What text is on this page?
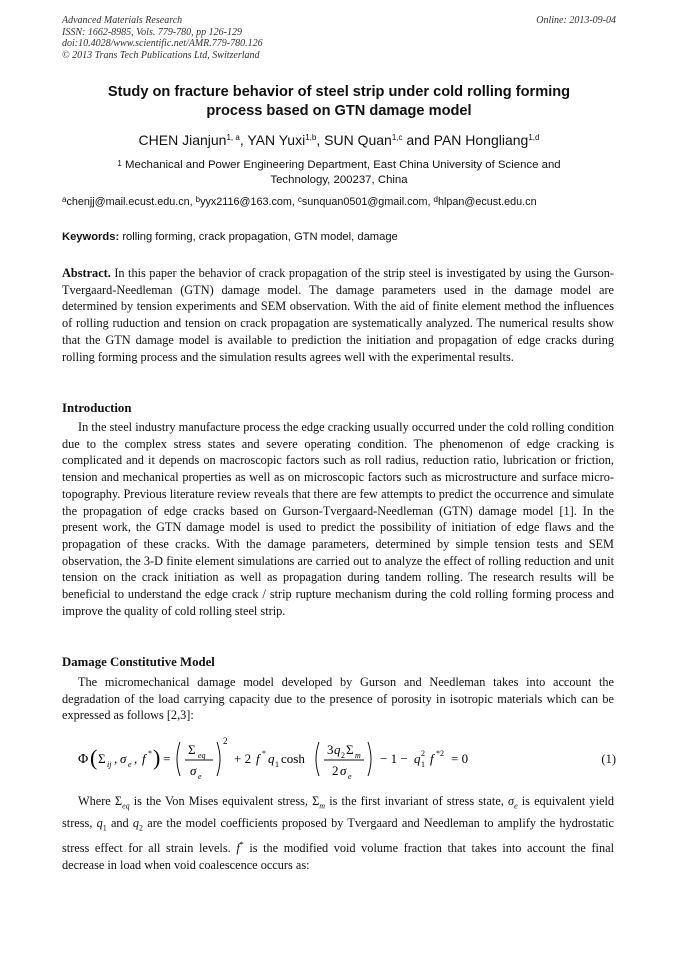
Advanced Materials Research
ISSN: 1662-8985, Vols. 779-780, pp 126-129
doi:10.4028/www.scientific.net/AMR.779-780.126
© 2013 Trans Tech Publications Ltd, Switzerland
Online: 2013-09-04
Study on fracture behavior of steel strip under cold rolling forming
process based on GTN damage model
CHEN Jianjun$^{1, a}$, YAN Yuxi$^{1,b}$, SUN Quan$^{1,c}$ and PAN Hongliang$^{1,d}$
$^1$ Mechanical and Power Engineering Department, East China University of Science and
Technology, 200237, China
$^a$chenjj@mail.ecust.edu.cn, $^b$yyx2116@163.com, $^c$sunquan0501@gmail.com, $^d$hlpan@ecust.edu.cn
Keywords: rolling forming, crack propagation, GTN model, damage
Abstract. In this paper the behavior of crack propagation of the strip steel is investigated by using the Gurson-Tvergaard-Needleman (GTN) damage model. The damage parameters used in the damage model are determined by tension experiments and SEM observation. With the aid of finite element method the influences of rolling ruduction and tension on crack propagation are systematically analyzed. The numerical results show that the GTN damage model is available to prediction the initiation and propagation of edge cracks during rolling forming process and the simulation results agrees well with the experimental results.
Introduction
In the steel industry manufacture process the edge cracking usually occurred under the cold rolling condition due to the complex stress states and severe operating condition. The phenomenon of edge cracking is complicated and it depends on macroscopic factors such as roll radius, reduction ratio, lubrication or friction, tension and mechanical properties as well as on microscopic factors such as microstructure and surface micro-topography. Previous literature review reveals that there are few attempts to predict the occurrence and simulate the propagation of edge cracks based on Gurson-Tvergaard-Needleman (GTN) damage model [1]. In the present work, the GTN damage model is used to predict the possibility of initiation of edge flaws and the propagation of these cracks. With the damage parameters, determined by simple tension tests and SEM observation, the 3-D finite element simulations are carried out to analyze the effect of rolling reduction and unit tension on the crack initiation as well as propagation during tandem rolling. The research results will be beneficial to understand the edge crack / strip rupture mechanism during the cold rolling forming process and improve the quality of cold rolling steel strip.
Damage Constitutive Model
The micromechanical damage model developed by Gurson and Needleman takes into account the degradation of the load carrying capacity due to the presence of porosity in isotropic materials which can be expressed as follows [2,3]:
Φ ( Σ ij , σ e , f * ) =
Σ eq
σ e
2
+ 2 f * q 1 cosh
3 q 2 Σ m
2 σ e
− 1 − q 2
1 f *2 = 0	(1)
Where $\Sigma_{eq}$ is the Von Mises equivalent stress, $\Sigma_m$ is the first invariant of stress state, $\sigma_e$ is equivalent yield stress, $q_1$ and $q_2$ are the model coefficients proposed by Tvergaard and Needleman to amplify the hydrostatic stress effect for all strain levels. f* is the modified void volume fraction that takes into account the final decrease in load when void coalescence occurs as:
